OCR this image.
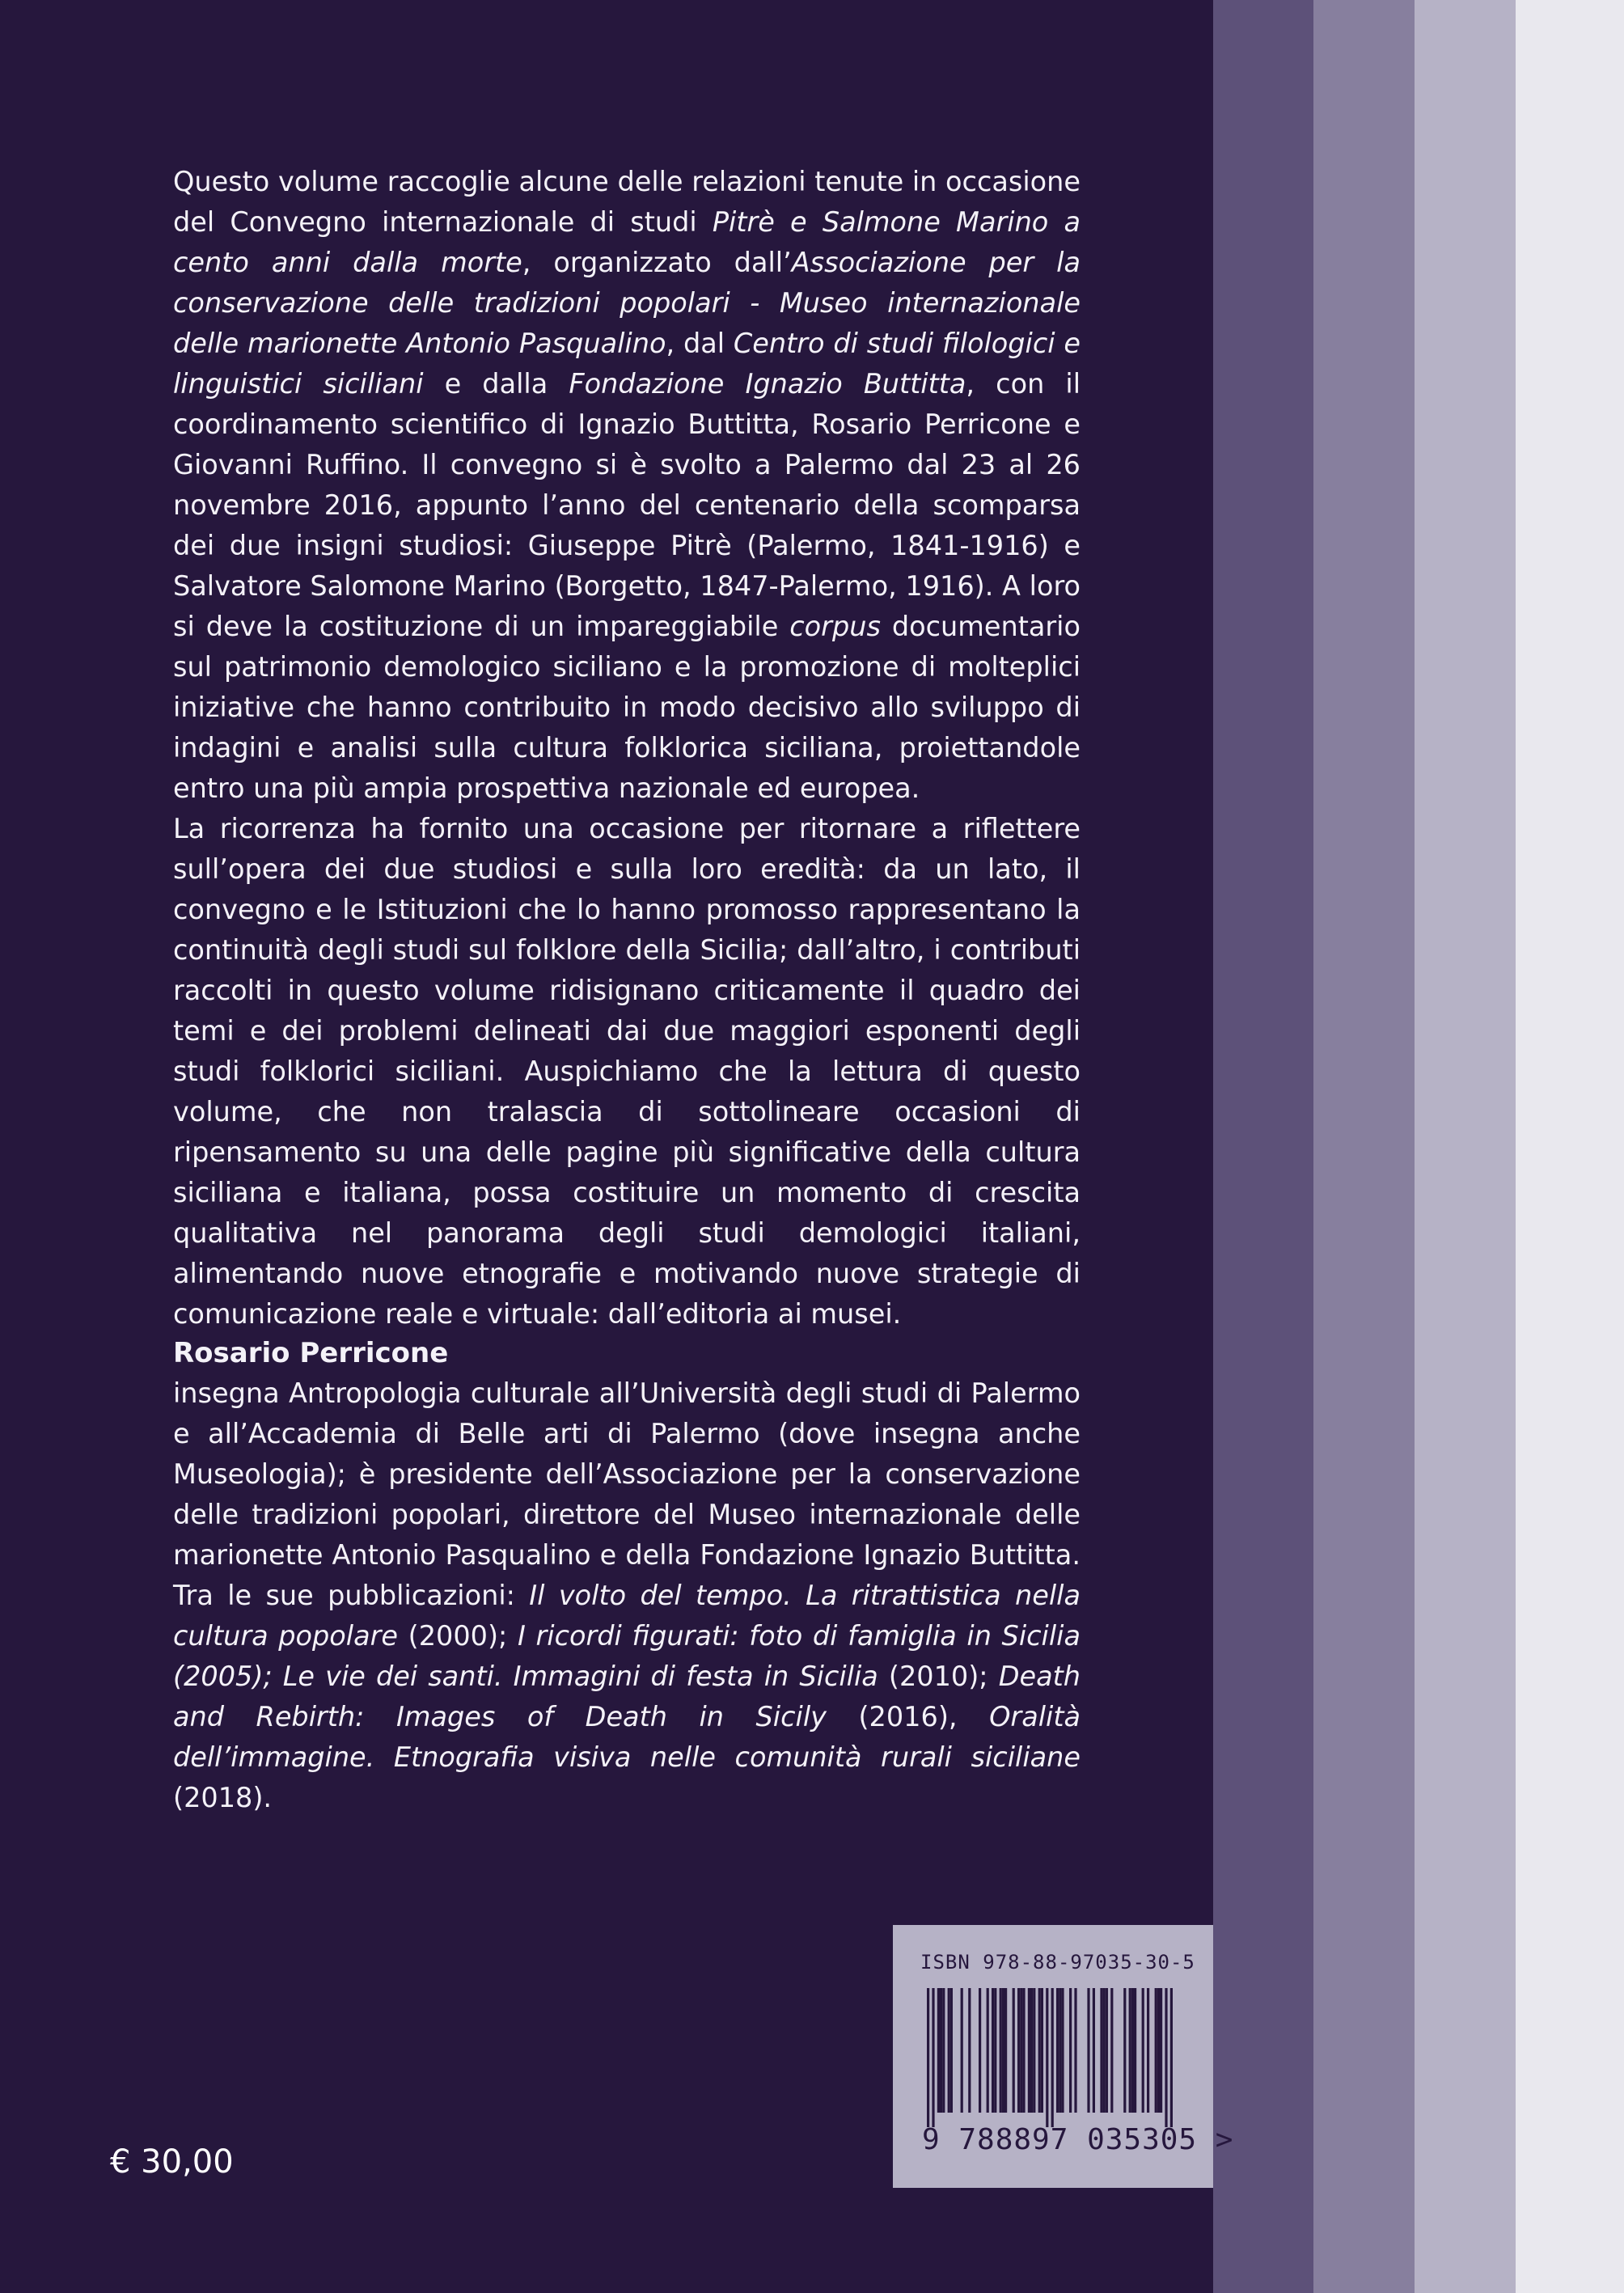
Questo volume raccoglie alcune delle relazioni tenute in occasione del Convegno internazionale di studi Pitrè e Salmone Marino a cento anni dalla morte, organizzato dall’Associazione per la conservazione delle tradizioni popolari - Museo internazionale delle marionette Antonio Pasqualino, dal Centro di studi filologici e linguistici siciliani e dalla Fondazione Ignazio Buttitta, con il coordinamento scientifico di Ignazio Buttitta, Rosario Perricone e Giovanni Ruffino. Il convegno si è svolto a Palermo dal 23 al 26 novembre 2016, appunto l’anno del centenario della scomparsa dei due insigni studiosi: Giuseppe Pitrè (Palermo, 1841-1916) e Salvatore Salomone Marino (Borgetto, 1847-Palermo, 1916). A loro si deve la costituzione di un impareggiabile corpus documentario sul patrimonio demologico siciliano e la promozione di molteplici iniziative che hanno contribuito in modo decisivo allo sviluppo di indagini e analisi sulla cultura folklorica siciliana, proiettandole entro una più ampia prospettiva nazionale ed europea.

La ricorrenza ha fornito una occasione per ritornare a riflettere sull’opera dei due studiosi e sulla loro eredità: da un lato, il convegno e le Istituzioni che lo hanno promosso rappresentano la continuità degli studi sul folklore della Sicilia; dall’altro, i contributi raccolti in questo volume ridisignano criticamente il quadro dei temi e dei problemi delineati dai due maggiori esponenti degli studi folklorici siciliani. Auspichiamo che la lettura di questo volume, che non tralascia di sottolineare occasioni di ripensamento su una delle pagine più significative della cultura siciliana e italiana, possa costituire un momento di crescita qualitativa nel panorama degli studi demologici italiani, alimentando nuove etnografie e motivando nuove strategie di comunicazione reale e virtuale: dall’editoria ai musei.

Rosario Perricone

insegna Antropologia culturale all’Università degli studi di Palermo e all’Accademia di Belle arti di Palermo (dove insegna anche Museologia); è presidente dell’Associazione per la conservazione delle tradizioni popolari, direttore del Museo internazionale delle marionette Antonio Pasqualino e della Fondazione Ignazio Buttitta. Tra le sue pubblicazioni: Il volto del tempo. La ritrattistica nella cultura popolare (2000); I ricordi figurati: foto di famiglia in Sicilia (2005); Le vie dei santi. Immagini di festa in Sicilia (2010); Death and Rebirth: Images of Death in Sicily (2016), Oralità dell’immagine. Etnografia visiva nelle comunità rurali siciliane (2018).

ISBN 978-88-97035-30-5
9 788897 035305 >
€ 30,00
